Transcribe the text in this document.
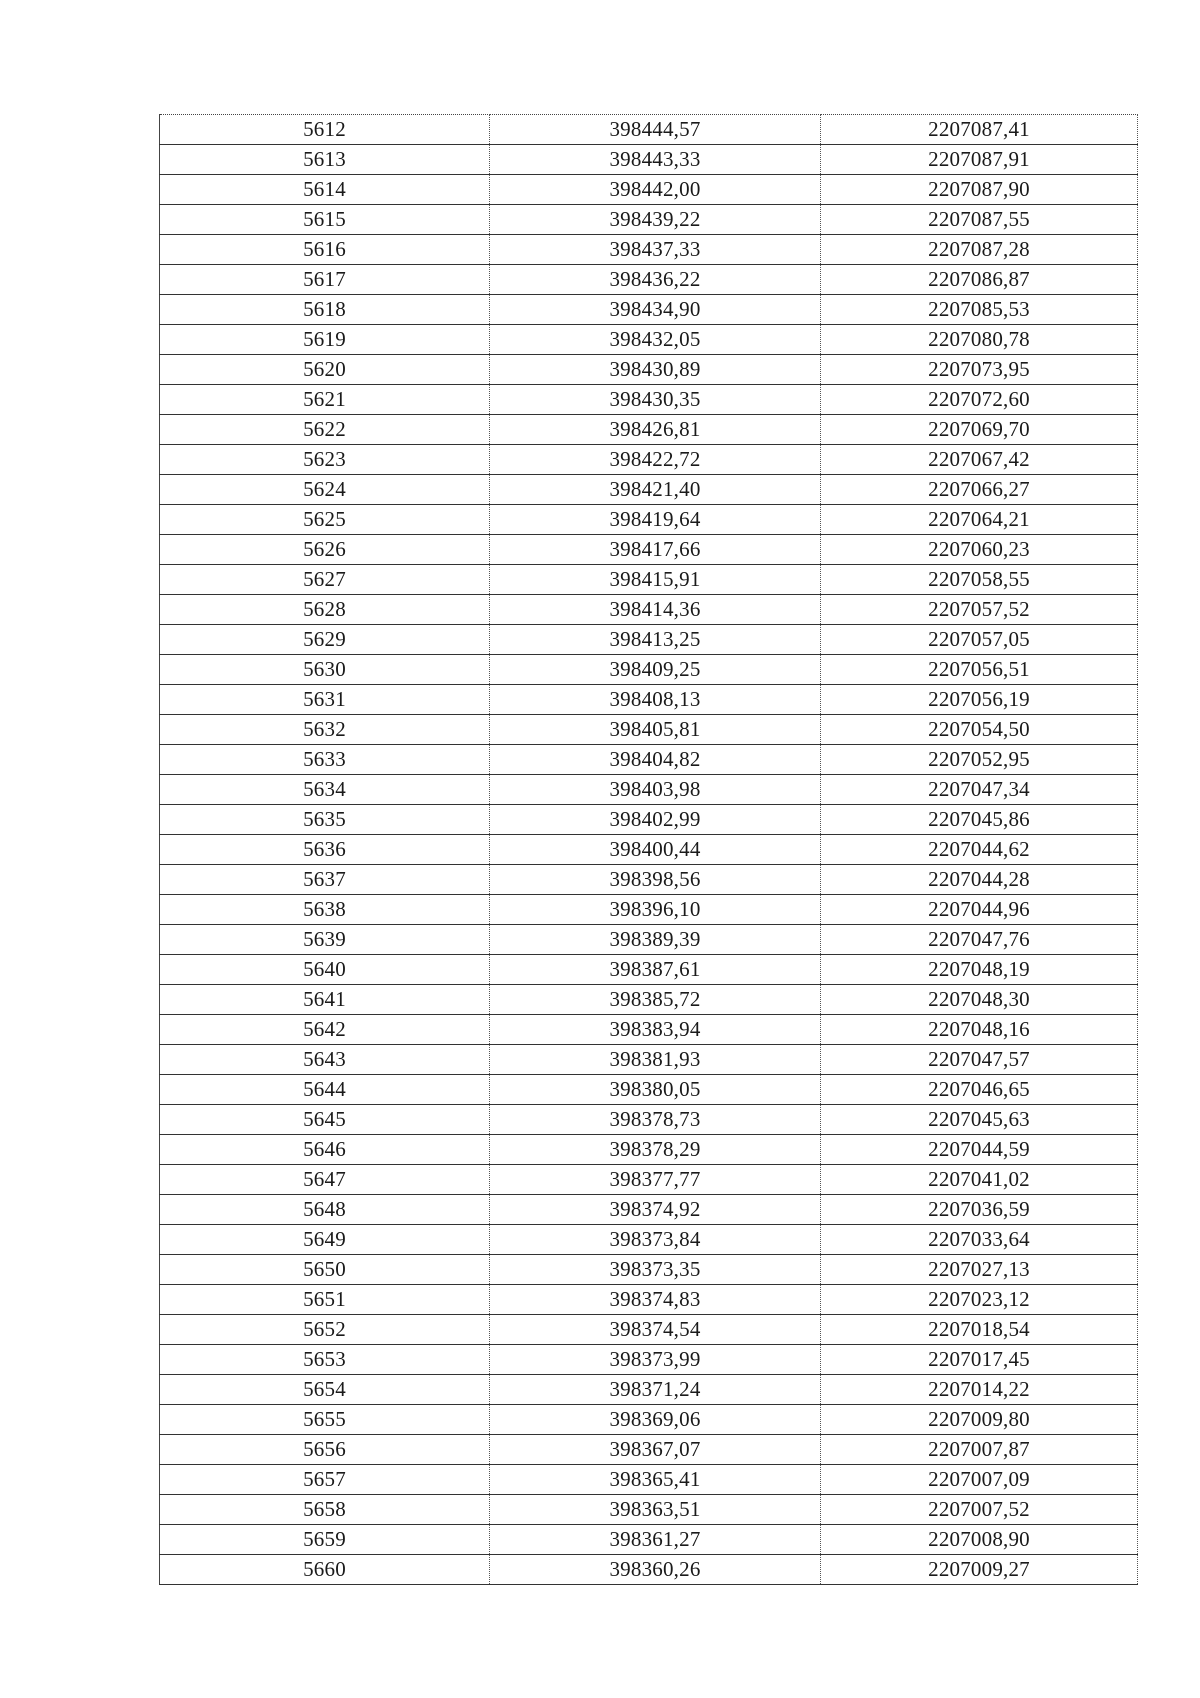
5612	398444,57	2207087,41
5613	398443,33	2207087,91
5614	398442,00	2207087,90
5615	398439,22	2207087,55
5616	398437,33	2207087,28
5617	398436,22	2207086,87
5618	398434,90	2207085,53
5619	398432,05	2207080,78
5620	398430,89	2207073,95
5621	398430,35	2207072,60
5622	398426,81	2207069,70
5623	398422,72	2207067,42
5624	398421,40	2207066,27
5625	398419,64	2207064,21
5626	398417,66	2207060,23
5627	398415,91	2207058,55
5628	398414,36	2207057,52
5629	398413,25	2207057,05
5630	398409,25	2207056,51
5631	398408,13	2207056,19
5632	398405,81	2207054,50
5633	398404,82	2207052,95
5634	398403,98	2207047,34
5635	398402,99	2207045,86
5636	398400,44	2207044,62
5637	398398,56	2207044,28
5638	398396,10	2207044,96
5639	398389,39	2207047,76
5640	398387,61	2207048,19
5641	398385,72	2207048,30
5642	398383,94	2207048,16
5643	398381,93	2207047,57
5644	398380,05	2207046,65
5645	398378,73	2207045,63
5646	398378,29	2207044,59
5647	398377,77	2207041,02
5648	398374,92	2207036,59
5649	398373,84	2207033,64
5650	398373,35	2207027,13
5651	398374,83	2207023,12
5652	398374,54	2207018,54
5653	398373,99	2207017,45
5654	398371,24	2207014,22
5655	398369,06	2207009,80
5656	398367,07	2207007,87
5657	398365,41	2207007,09
5658	398363,51	2207007,52
5659	398361,27	2207008,90
5660	398360,26	2207009,27
